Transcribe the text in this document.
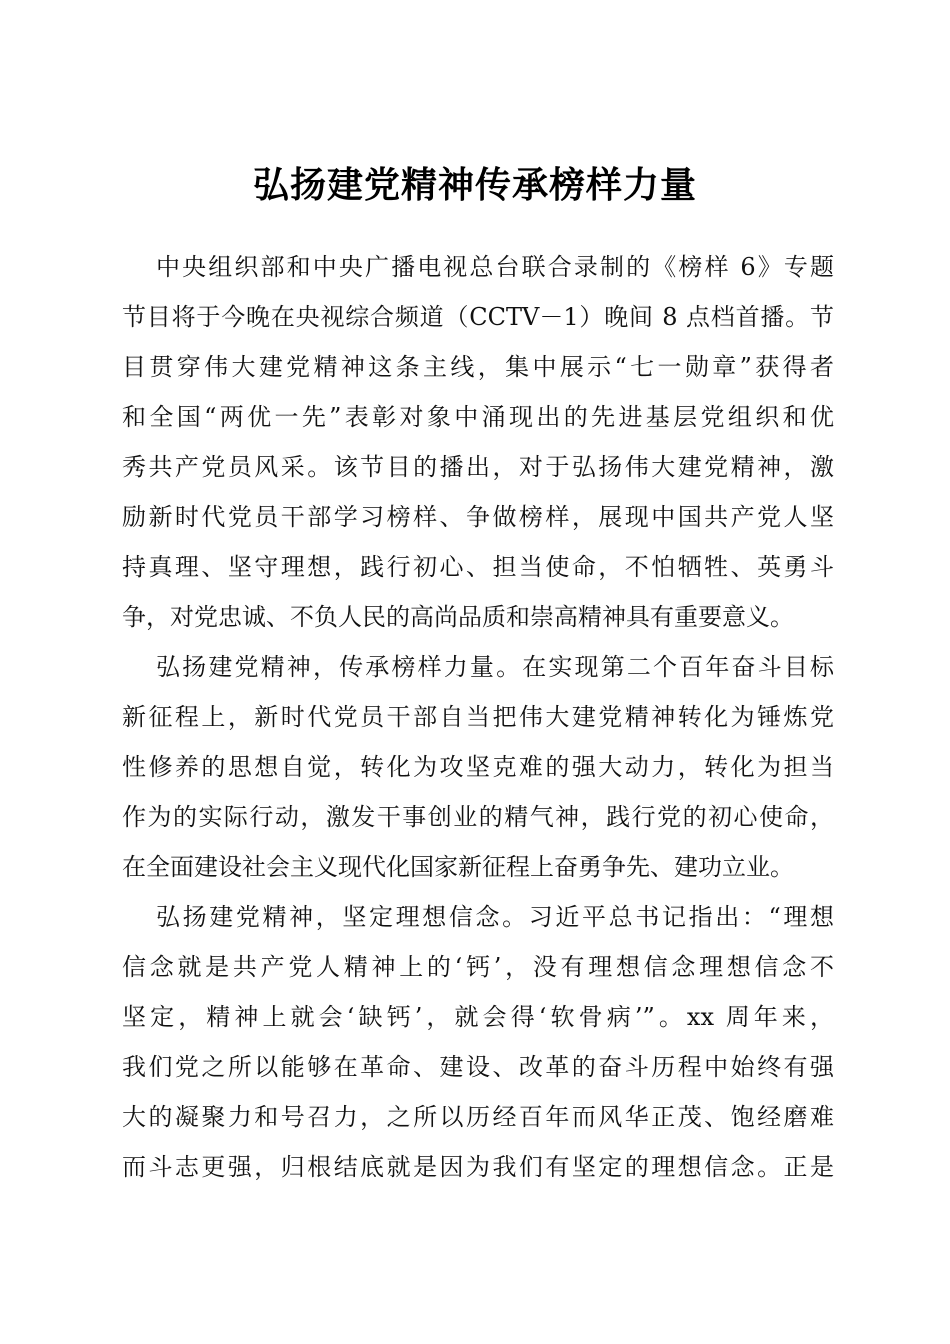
弘扬建党精神传承榜样力量
中央组织部和中央广播电视总台联合录制的《榜样 6》专题
节目将于今晚在央视综合频道（CCTV－1）晚间 8 点档首播。节
目贯穿伟大建党精神这条主线，集中展示“七一勋章”获得者
和全国“两优一先”表彰对象中涌现出的先进基层党组织和优
秀共产党员风采。该节目的播出，对于弘扬伟大建党精神，激
励新时代党员干部学习榜样、争做榜样，展现中国共产党人坚
持真理、坚守理想，践行初心、担当使命，不怕牺牲、英勇斗
争，对党忠诚、不负人民的高尚品质和崇高精神具有重要意义。
弘扬建党精神，传承榜样力量。在实现第二个百年奋斗目标
新征程上，新时代党员干部自当把伟大建党精神转化为锤炼党
性修养的思想自觉，转化为攻坚克难的强大动力，转化为担当
作为的实际行动，激发干事创业的精气神，践行党的初心使命，
在全面建设社会主义现代化国家新征程上奋勇争先、建功立业。
弘扬建党精神，坚定理想信念。习近平总书记指出：“理想
信念就是共产党人精神上的‘钙’，没有理想信念理想信念不
坚定，精神上就会‘缺钙’，就会得‘软骨病’”。xx 周年来，
我们党之所以能够在革命、建设、改革的奋斗历程中始终有强
大的凝聚力和号召力，之所以历经百年而风华正茂、饱经磨难
而斗志更强，归根结底就是因为我们有坚定的理想信念。正是
